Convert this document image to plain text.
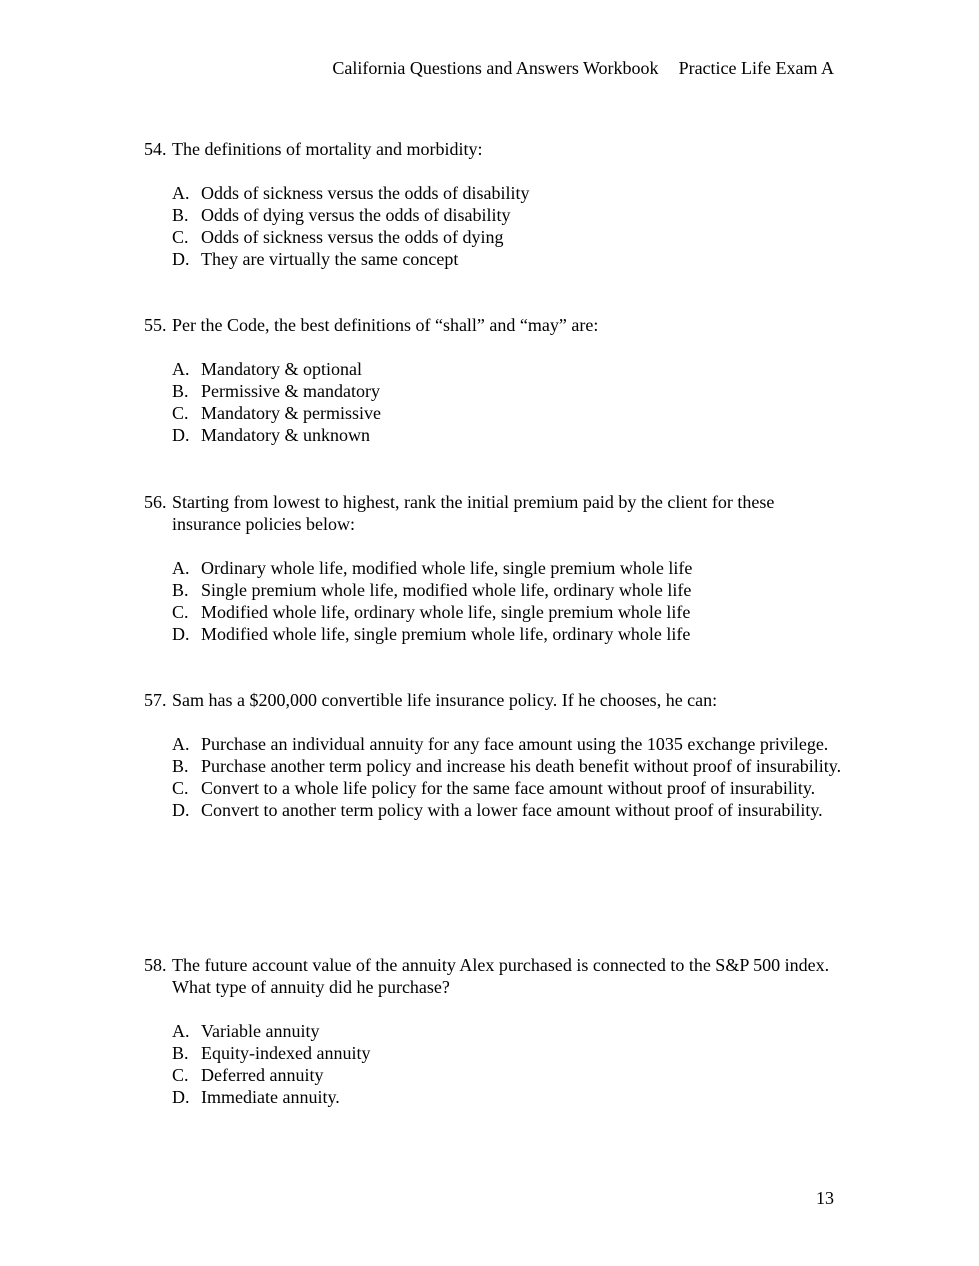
California Questions and Answers Workbook Practice Life Exam A
54. The definitions of mortality and morbidity:
A. Odds of sickness versus the odds of disability
B. Odds of dying versus the odds of disability
C. Odds of sickness versus the odds of dying
D. They are virtually the same concept
55. Per the Code, the best definitions of “shall” and “may” are:
A. Mandatory & optional
B. Permissive & mandatory
C. Mandatory & permissive
D. Mandatory & unknown
56. Starting from lowest to highest, rank the initial premium paid by the client for these insurance policies below:
A. Ordinary whole life, modified whole life, single premium whole life
B. Single premium whole life, modified whole life, ordinary whole life
C. Modified whole life, ordinary whole life, single premium whole life
D. Modified whole life, single premium whole life, ordinary whole life
57. Sam has a $200,000 convertible life insurance policy. If he chooses, he can:
A. Purchase an individual annuity for any face amount using the 1035 exchange privilege.
B. Purchase another term policy and increase his death benefit without proof of insurability.
C. Convert to a whole life policy for the same face amount without proof of insurability.
D. Convert to another term policy with a lower face amount without proof of insurability.
58. The future account value of the annuity Alex purchased is connected to the S&P 500 index. What type of annuity did he purchase?
A. Variable annuity
B. Equity-indexed annuity
C. Deferred annuity
D. Immediate annuity.
13
